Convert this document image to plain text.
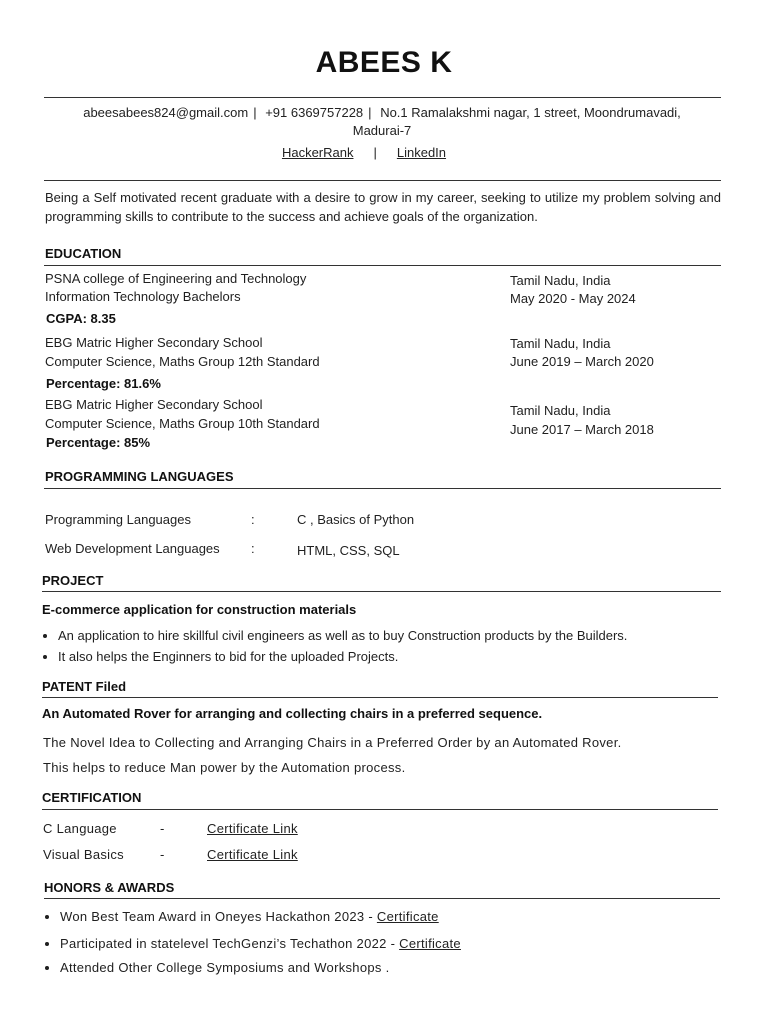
ABEES K
abeesabees824@gmail.com | +91 6369757228 | No.1 Ramalakshmi nagar, 1 street, Moondrumavadi,
Madurai-7
HackerRank | LinkedIn
Being a Self motivated recent graduate with a desire to grow in my career, seeking to utilize my problem solving and programming skills to contribute to the success and achieve goals of the organization.
EDUCATION
PSNA college of Engineering and Technology
Information Technology Bachelors
CGPA: 8.35
Tamil Nadu, India
May 2020 - May 2024
EBG Matric Higher Secondary School
Computer Science, Maths Group 12th Standard
Percentage: 81.6%
Tamil Nadu, India
June 2019 – March 2020
EBG Matric Higher Secondary School
Computer Science, Maths Group 10th Standard
Percentage: 85%
Tamil Nadu, India
June 2017 – March 2018
PROGRAMMING LANGUAGES
Programming Languages	:	C , Basics of Python
Web Development Languages :	HTML, CSS, SQL
PROJECT
E-commerce application for construction materials
• An application to hire skillful civil engineers as well as to buy Construction products by the Builders.
• It also helps the Enginners to bid for the uploaded Projects.
PATENT Filed
An Automated Rover for arranging and collecting chairs in a preferred sequence.
The Novel Idea to Collecting and Arranging Chairs in a Preferred Order by an Automated Rover.
This helps to reduce Man power by the Automation process.
CERTIFICATION
C Language	-	Certificate Link
Visual Basics	-	Certificate Link
HONORS & AWARDS
• Won Best Team Award in Oneyes Hackathon 2023 - Certificate
• Participated in statelevel TechGenzi’s Techathon 2022 - Certificate
• Attended Other College Symposiums and Workshops .
